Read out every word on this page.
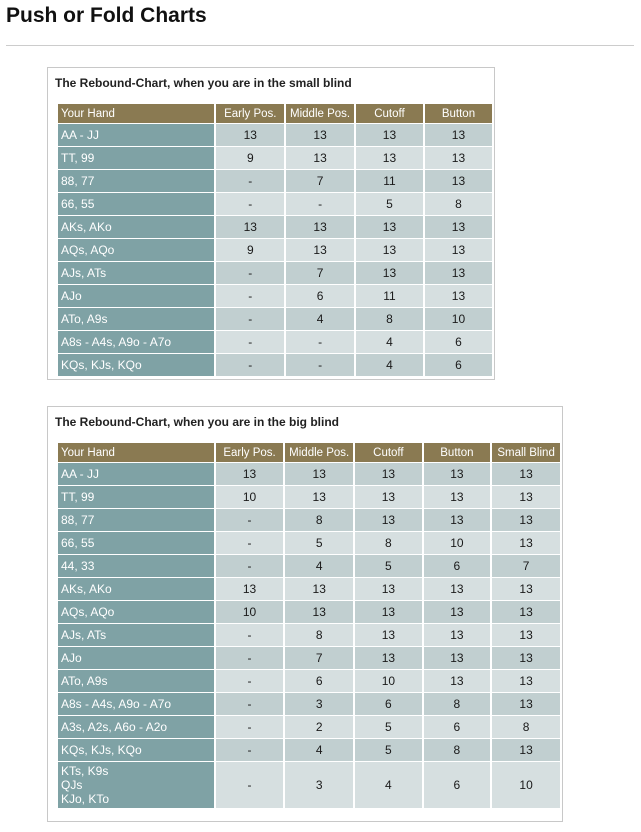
Push or Fold Charts
The Rebound-Chart, when you are in the small blind
Your Hand	Early Pos.	Middle Pos.	Cutoff	Button

AA - JJ	13	13	13	13

TT, 99	9	13	13	13

88, 77	-	7	11	13

66, 55	-	-	5	8

AKs, AKo	13	13	13	13

AQs, AQo	9	13	13	13

AJs, ATs	-	7	13	13

AJo	-	6	11	13

ATo, A9s	-	4	8	10

A8s - A4s, A9o - A7o	-	-	4	6

KQs, KJs, KQo	-	-	4	6
The Rebound-Chart, when you are in the big blind
Your Hand	Early Pos.	Middle Pos.	Cutoff	Button	Small Blind

AA - JJ	13	13	13	13	13

TT, 99	10	13	13	13	13

88, 77	-	8	13	13	13

66, 55	-	5	8	10	13

44, 33	-	4	5	6	7

AKs, AKo	13	13	13	13	13

AQs, AQo	10	13	13	13	13

AJs, ATs	-	8	13	13	13

AJo	-	7	13	13	13

ATo, A9s	-	6	10	13	13

A8s - A4s, A9o - A7o	-	3	6	8	13

A3s, A2s, A6o - A2o	-	2	5	6	8

KQs, KJs, KQo	-	4	5	8	13

KTs, K9s
QJs
KJo, KTo	-	3	4	6	10
